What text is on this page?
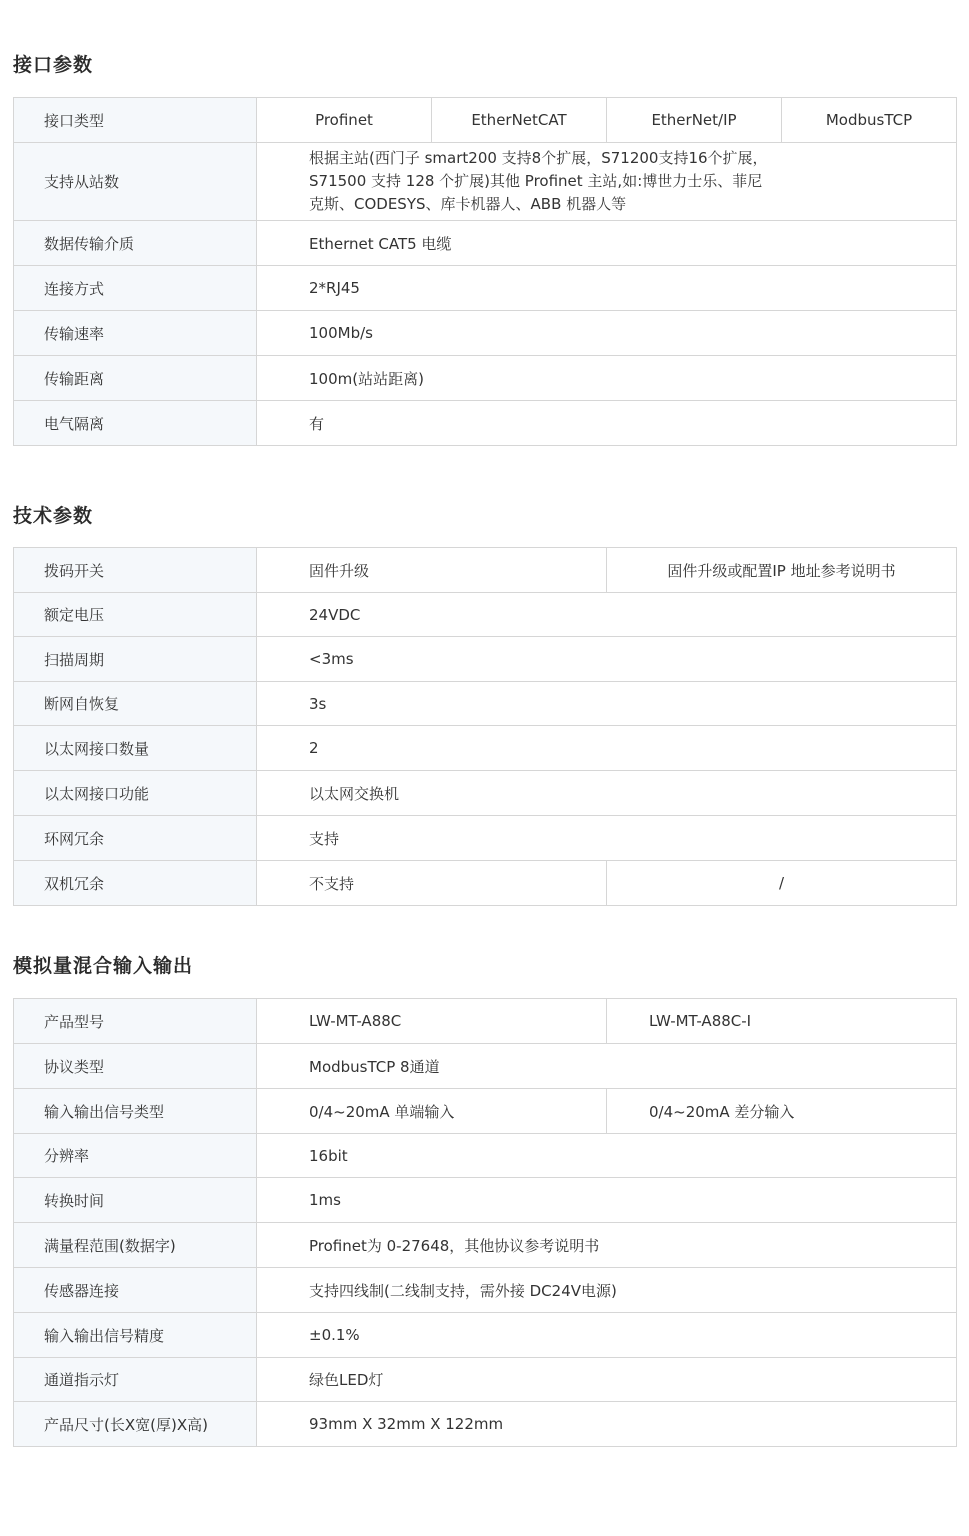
接口参数
接口类型	Profinet	EtherNetCAT	EtherNet/IP	ModbusTCP
支持从站数	根据主站(西门子 smart200 支持8个扩展，S71200支持16个扩展，
S71500 支持 128 个扩展)其他 Profinet 主站,如:博世力士乐、菲尼
克斯、CODESYS、库卡机器人、ABB 机器人等			

数据传输介质	Ethernet CAT5 电缆			
连接方式	2*RJ45			
传输速率	100Mb/s			
传输距离	100m(站站距离)			
电气隔离	有			
技术参数
拨码开关	固件升级	固件升级或配置IP 地址参考说明书
额定电压	24VDC	
扫描周期	<3ms	
断网自恢复	3s	
以太网接口数量	2	
以太网接口功能	以太网交换机	
环网冗余	支持	
双机冗余	不支持	/
模拟量混合输入输出
产品型号	LW-MT-A88C	LW-MT-A88C-I
协议类型	ModbusTCP 8通道	
输入输出信号类型	0/4~20mA 单端输入	0/4~20mA 差分输入
分辨率	16bit	
转换时间	1ms	
满量程范围(数据字)	Profinet为 0-27648，其他协议参考说明书	
传感器连接	支持四线制(二线制支持，需外接 DC24V电源)	
输入输出信号精度	±0.1%	
通道指示灯	绿色LED灯	
产品尺寸(长X宽(厚)X高)	93mm X 32mm X 122mm	
